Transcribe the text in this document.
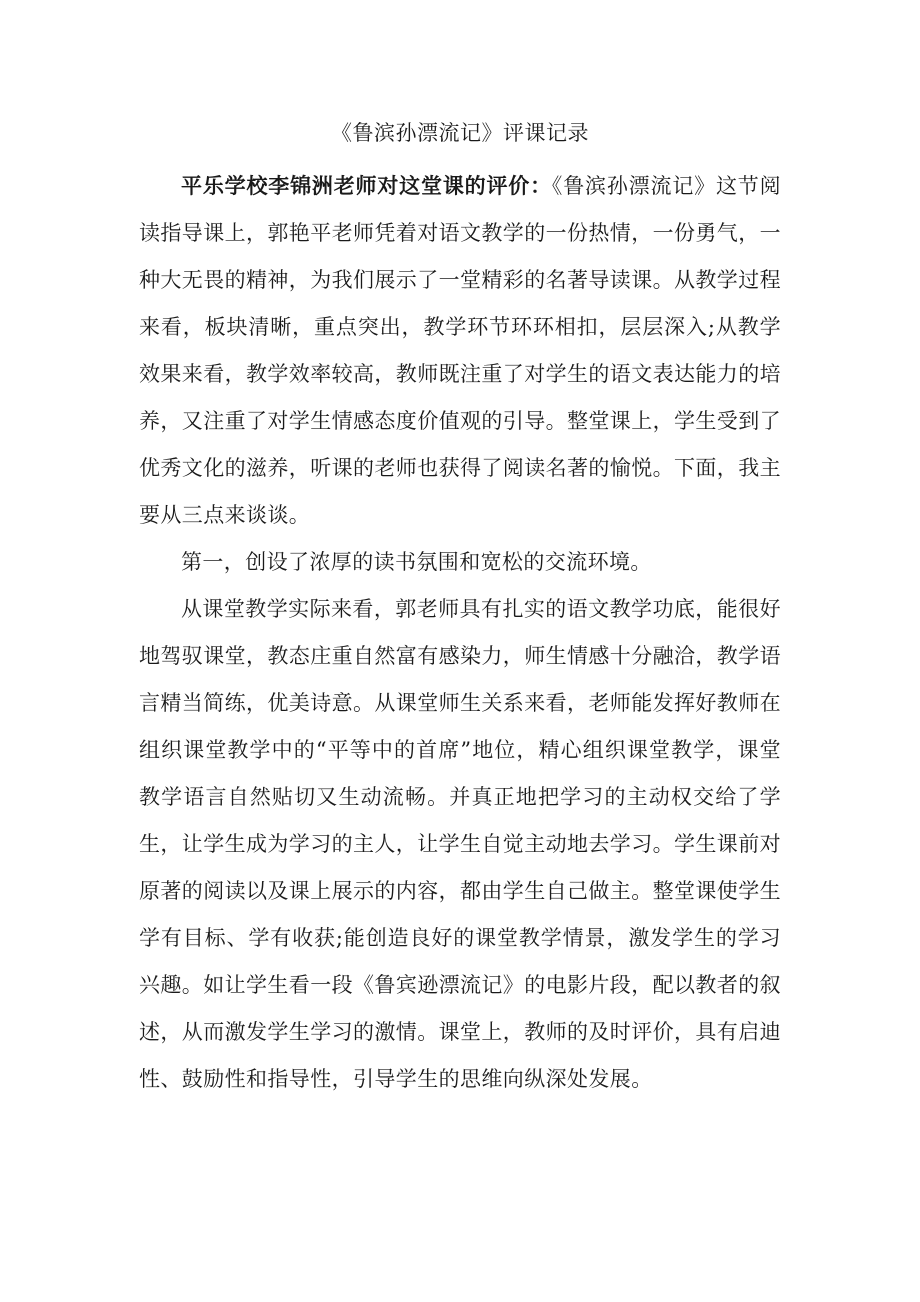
《鲁滨孙漂流记》评课记录

平乐学校李锦洲老师对这堂课的评价：《鲁滨孙漂流记》这节阅读指导课上，郭艳平老师凭着对语文教学的一份热情，一份勇气，一种大无畏的精神，为我们展示了一堂精彩的名著导读课。从教学过程来看，板块清晰，重点突出，教学环节环环相扣，层层深入;从教学效果来看，教学效率较高，教师既注重了对学生的语文表达能力的培养，又注重了对学生情感态度价值观的引导。整堂课上，学生受到了优秀文化的滋养，听课的老师也获得了阅读名著的愉悦。下面，我主要从三点来谈谈。

第一，创设了浓厚的读书氛围和宽松的交流环境。

从课堂教学实际来看，郭老师具有扎实的语文教学功底，能很好地驾驭课堂，教态庄重自然富有感染力，师生情感十分融洽，教学语言精当简练，优美诗意。从课堂师生关系来看，老师能发挥好教师在组织课堂教学中的“平等中的首席”地位，精心组织课堂教学，课堂教学语言自然贴切又生动流畅。并真正地把学习的主动权交给了学生，让学生成为学习的主人，让学生自觉主动地去学习。学生课前对原著的阅读以及课上展示的内容，都由学生自己做主。整堂课使学生学有目标、学有收获;能创造良好的课堂教学情景，激发学生的学习兴趣。如让学生看一段《鲁宾逊漂流记》的电影片段，配以教者的叙述，从而激发学生学习的激情。课堂上，教师的及时评价，具有启迪性、鼓励性和指导性，引导学生的思维向纵深处发展。
